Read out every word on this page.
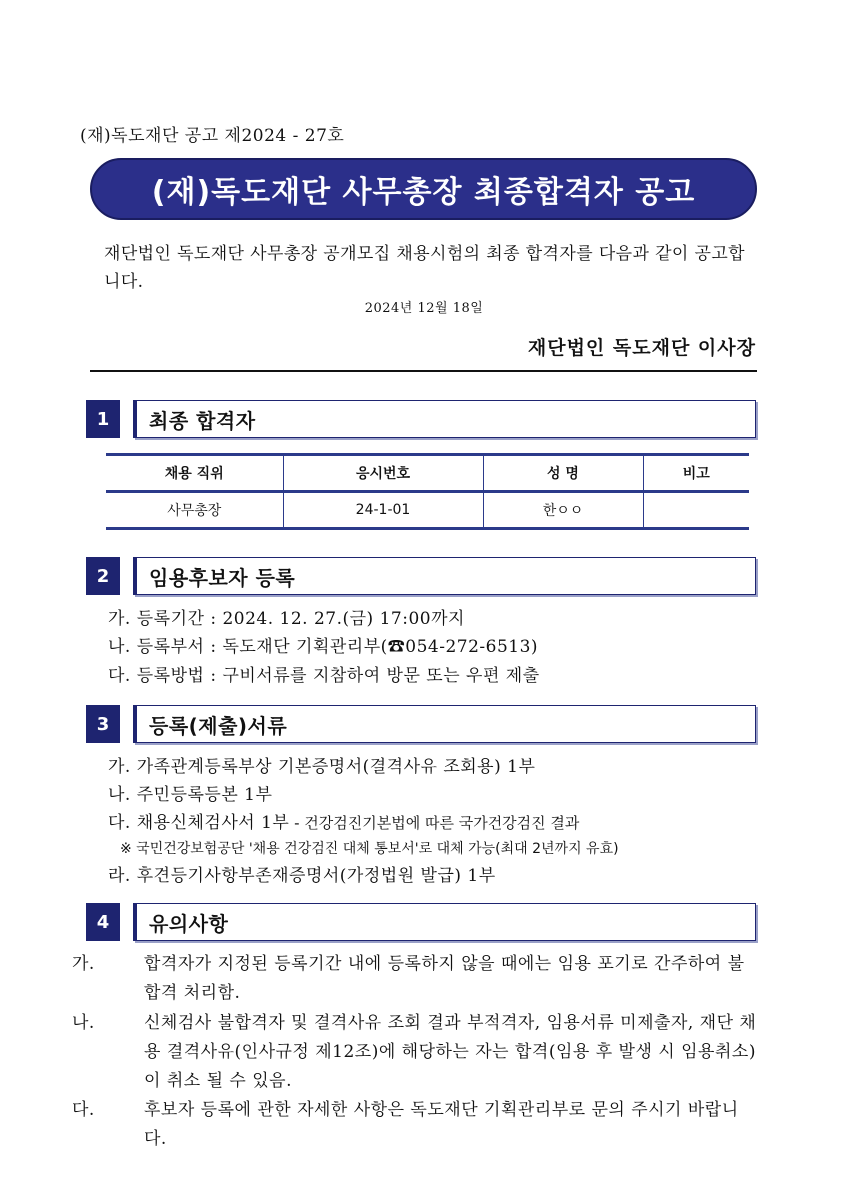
(재)독도재단 공고 제2024 - 27호
(재)독도재단 사무총장 최종합격자 공고
재단법인 독도재단 사무총장 공개모집 채용시험의 최종 합격자를 다음과 같이 공고합니다.
2024년 12월 18일
재단법인 독도재단 이사장
1	최종 합격자
채용 직위	응시번호	성 명	비고
사무총장	24-1-01	한ㅇㅇ	
2	임용후보자 등록
가. 등록기간 : 2024. 12. 27.(금) 17:00까지
나. 등록부서 : 독도재단 기획관리부(☎054-272-6513)
다. 등록방법 : 구비서류를 지참하여 방문 또는 우편 제출
3	등록(제출)서류
가. 가족관계등록부상 기본증명서(결격사유 조회용) 1부
나. 주민등록등본 1부
다. 채용신체검사서 1부 - 건강검진기본법에 따른 국가건강검진 결과
※ 국민건강보험공단 '채용 건강검진 대체 통보서'로 대체 가능(최대 2년까지 유효)
라. 후견등기사항부존재증명서(가정법원 발급) 1부
4	유의사항
가.	합격자가 지정된 등록기간 내에 등록하지 않을 때에는 임용 포기로 간주하여 불합격 처리함.
나.	신체검사 불합격자 및 결격사유 조회 결과 부적격자, 임용서류 미제출자, 재단 채용 결격사유(인사규정 제12조)에 해당하는 자는 합격(임용 후 발생 시 임용취소)이 취소 될 수 있음.
다.	후보자 등록에 관한 자세한 사항은 독도재단 기획관리부로 문의 주시기 바랍니다.
